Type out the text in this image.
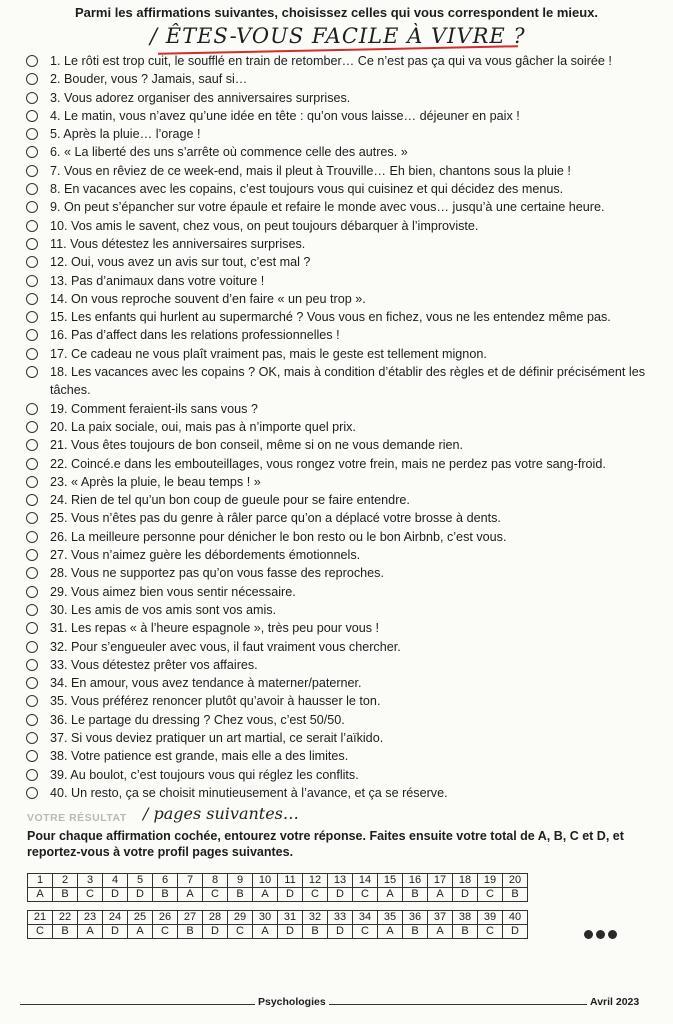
Parmi les affirmations suivantes, choisissez celles qui vous correspondent le mieux.
/ ÊTES-VOUS FACILE À VIVRE ?
1. Le rôti est trop cuit, le soufflé en train de retomber… Ce n’est pas ça qui va vous gâcher la soirée !
2. Bouder, vous ? Jamais, sauf si…
3. Vous adorez organiser des anniversaires surprises.
4. Le matin, vous n’avez qu’une idée en tête : qu’on vous laisse… déjeuner en paix !
5. Après la pluie… l’orage !
6. « La liberté des uns s’arrête où commence celle des autres. »
7. Vous en rêviez de ce week-end, mais il pleut à Trouville… Eh bien, chantons sous la pluie !
8. En vacances avec les copains, c’est toujours vous qui cuisinez et qui décidez des menus.
9. On peut s’épancher sur votre épaule et refaire le monde avec vous… jusqu’à une certaine heure.
10. Vos amis le savent, chez vous, on peut toujours débarquer à l’improviste.
11. Vous détestez les anniversaires surprises.
12. Oui, vous avez un avis sur tout, c’est mal ?
13. Pas d’animaux dans votre voiture !
14. On vous reproche souvent d’en faire « un peu trop ».
15. Les enfants qui hurlent au supermarché ? Vous vous en fichez, vous ne les entendez même pas.
16. Pas d’affect dans les relations professionnelles !
17. Ce cadeau ne vous plaît vraiment pas, mais le geste est tellement mignon.
18. Les vacances avec les copains ? OK, mais à condition d’établir des règles et de définir précisément les tâches.
19. Comment feraient-ils sans vous ?
20. La paix sociale, oui, mais pas à n’importe quel prix.
21. Vous êtes toujours de bon conseil, même si on ne vous demande rien.
22. Coincé.e dans les embouteillages, vous rongez votre frein, mais ne perdez pas votre sang-froid.
23. « Après la pluie, le beau temps ! »
24. Rien de tel qu’un bon coup de gueule pour se faire entendre.
25. Vous n’êtes pas du genre à râler parce qu’on a déplacé votre brosse à dents.
26. La meilleure personne pour dénicher le bon resto ou le bon Airbnb, c’est vous.
27. Vous n’aimez guère les débordements émotionnels.
28. Vous ne supportez pas qu’on vous fasse des reproches.
29. Vous aimez bien vous sentir nécessaire.
30. Les amis de vos amis sont vos amis.
31. Les repas « à l’heure espagnole », très peu pour vous !
32. Pour s’engueuler avec vous, il faut vraiment vous chercher.
33. Vous détestez prêter vos affaires.
34. En amour, vous avez tendance à materner/paterner.
35. Vous préférez renoncer plutôt qu’avoir à hausser le ton.
36. Le partage du dressing ? Chez vous, c’est 50/50.
37. Si vous deviez pratiquer un art martial, ce serait l’aïkido.
38. Votre patience est grande, mais elle a des limites.
39. Au boulot, c’est toujours vous qui réglez les conflits.
40. Un resto, ça se choisit minutieusement à l’avance, et ça se réserve.
VOTRE RÉSULTAT / pages suivantes…
Pour chaque affirmation cochée, entourez votre réponse. Faites ensuite votre total de A, B, C et D, et reportez-vous à votre profil pages suivantes.
1	2	3	4	5	6	7	8	9	10	11	12	13	14	15	16	17	18	19	20
A	B	C	D	D	B	A	C	B	A	D	C	D	C	A	B	A	D	C	B
21	22	23	24	25	26	27	28	29	30	31	32	33	34	35	36	37	38	39	40
C	B	A	D	A	C	B	D	C	A	D	B	D	C	A	B	A	B	C	D
Psychologies	Avril 2023
